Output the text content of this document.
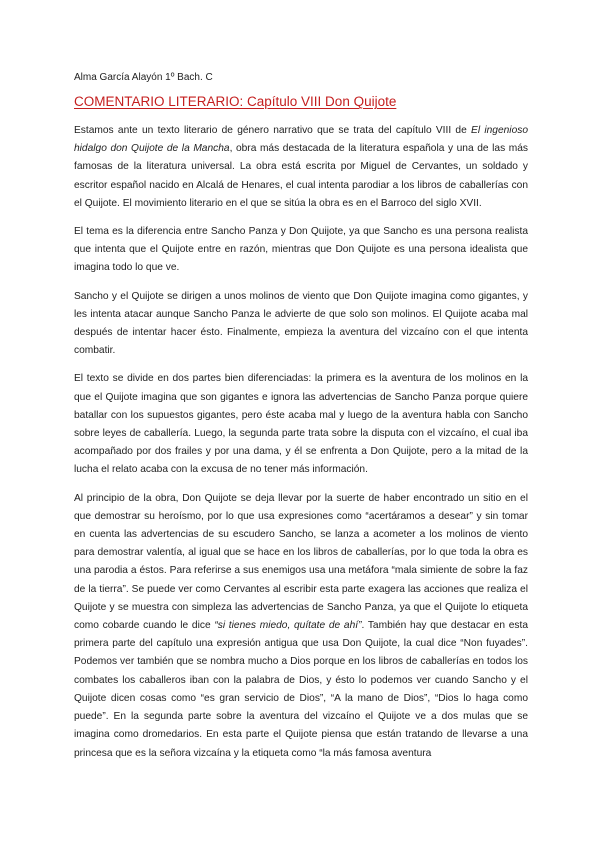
Alma García Alayón 1º Bach. C
COMENTARIO LITERARIO: Capítulo VIII Don Quijote

Estamos ante un texto literario de género narrativo que se trata del capítulo VIII de El ingenioso hidalgo don Quijote de la Mancha, obra más destacada de la literatura española y una de las más famosas de la literatura universal. La obra está escrita por Miguel de Cervantes, un soldado y escritor español nacido en Alcalá de Henares, el cual intenta parodiar a los libros de caballerías con el Quijote. El movimiento literario en el que se sitúa la obra es en el Barroco del siglo XVII.

El tema es la diferencia entre Sancho Panza y Don Quijote, ya que Sancho es una persona realista que intenta que el Quijote entre en razón, mientras que Don Quijote es una persona idealista que imagina todo lo que ve.

Sancho y el Quijote se dirigen a unos molinos de viento que Don Quijote imagina como gigantes, y les intenta atacar aunque Sancho Panza le advierte de que solo son molinos. El Quijote acaba mal después de intentar hacer ésto. Finalmente, empieza la aventura del vizcaíno con el que intenta combatir.

El texto se divide en dos partes bien diferenciadas: la primera es la aventura de los molinos en la que el Quijote imagina que son gigantes e ignora las advertencias de Sancho Panza porque quiere batallar con los supuestos gigantes, pero éste acaba mal y luego de la aventura habla con Sancho sobre leyes de caballería. Luego, la segunda parte trata sobre la disputa con el vizcaíno, el cual iba acompañado por dos frailes y por una dama, y él se enfrenta a Don Quijote, pero a la mitad de la lucha el relato acaba con la excusa de no tener más información.

Al principio de la obra, Don Quijote se deja llevar por la suerte de haber encontrado un sitio en el que demostrar su heroísmo, por lo que usa expresiones como “acertáramos a desear” y sin tomar en cuenta las advertencias de su escudero Sancho, se lanza a acometer a los molinos de viento para demostrar valentía, al igual que se hace en los libros de caballerías, por lo que toda la obra es una parodia a éstos. Para referirse a sus enemigos usa una metáfora “mala simiente de sobre la faz de la tierra”. Se puede ver como Cervantes al escribir esta parte exagera las acciones que realiza el Quijote y se muestra con simpleza las advertencias de Sancho Panza, ya que el Quijote lo etiqueta como cobarde cuando le dice “si tienes miedo, quítate de ahí”. También hay que destacar en esta primera parte del capítulo una expresión antigua que usa Don Quijote, la cual dice “Non fuyades”. Podemos ver también que se nombra mucho a Dios porque en los libros de caballerías en todos los combates los caballeros iban con la palabra de Dios, y ésto lo podemos ver cuando Sancho y el Quijote dicen cosas como “es gran servicio de Dios”, “A la mano de Dios”, “Dios lo haga como puede”. En la segunda parte sobre la aventura del vizcaíno el Quijote ve a dos mulas que se imagina como dromedarios. En esta parte el Quijote piensa que están tratando de llevarse a una princesa que es la señora vizcaína y la etiqueta como “la más famosa aventura
